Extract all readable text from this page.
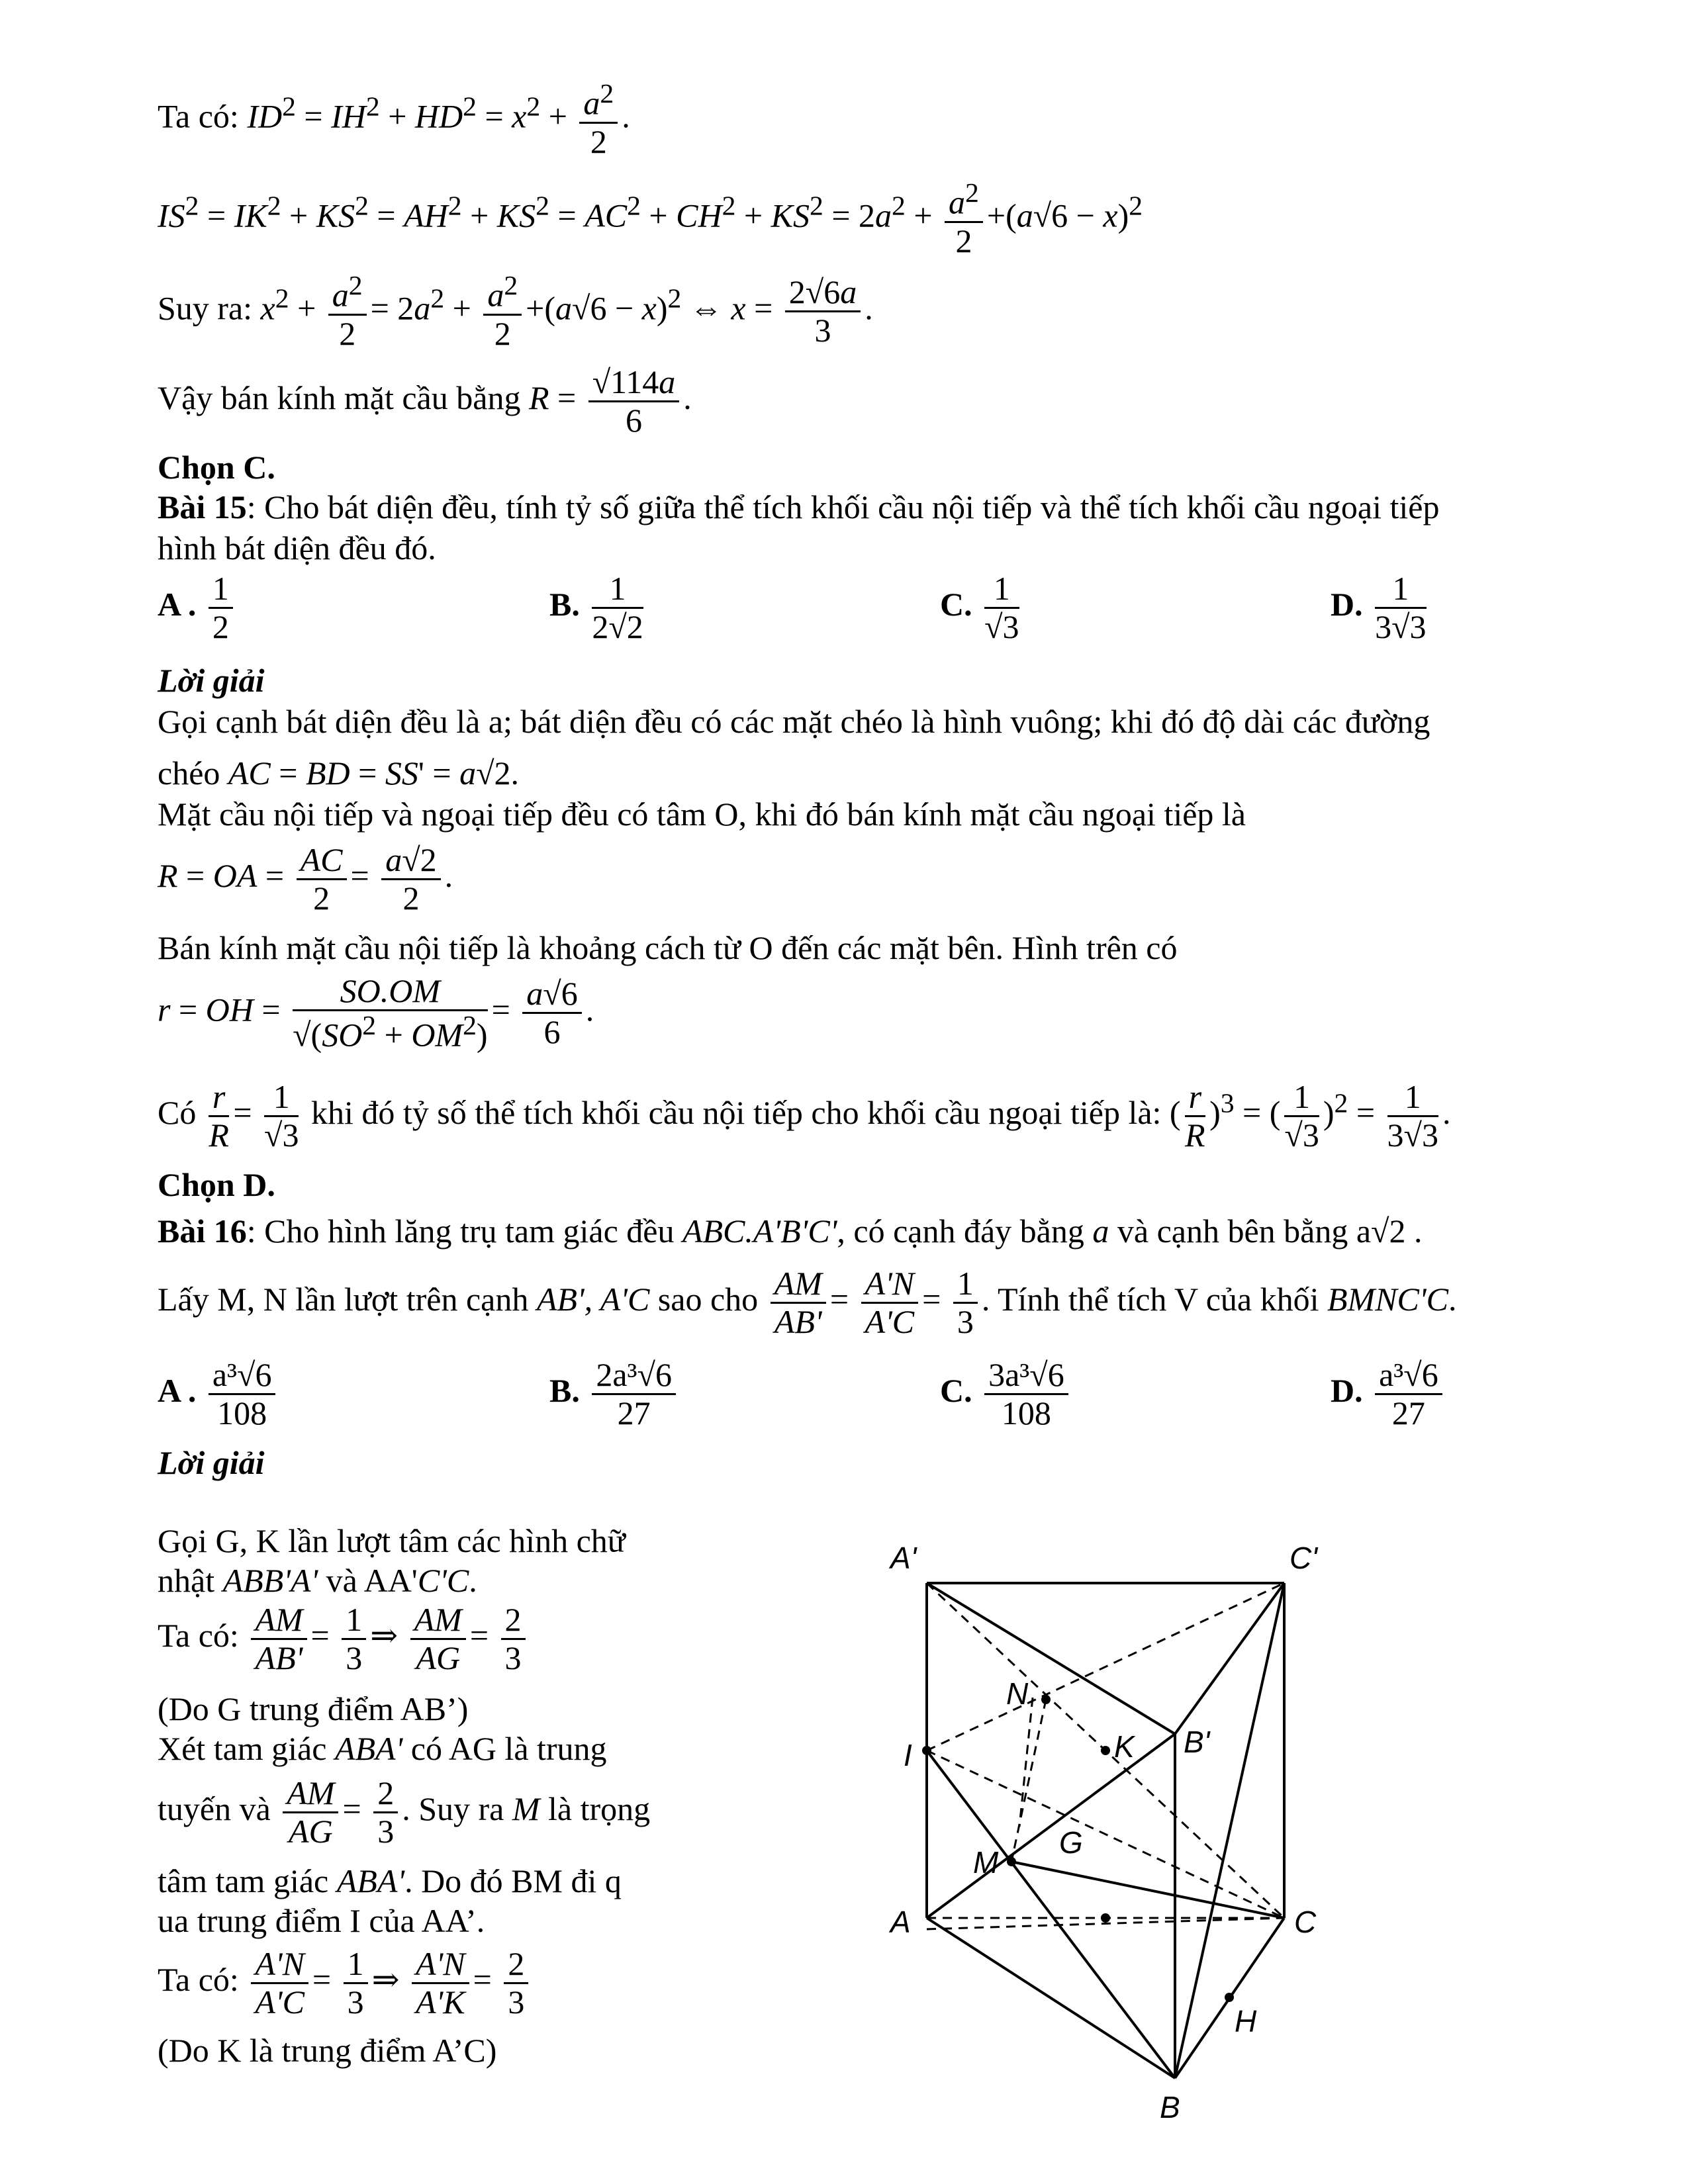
Ta có: $ID^2 = IH^2 + HD^2 = x^2 + \frac{a^2}{2}$ .
$IS^2 = IK^2 + KS^2 = AH^2 + KS^2 = AC^2 + CH^2 + KS^2 = 2a^2 + \frac{a^2}{2} +(a√6 - x)^2$
Suy ra: $x^2 + \frac{a^2}{2} = 2a^2 + \frac{a^2}{2} +(a√6 - x)^2$ ⇔ $x = \frac{2√6a}{3}$ .
Vậy bán kính mặt cầu bằng $R = \frac{√114a}{6}$ .
Chọn C.
Bài 15: Cho bát diện đều, tính tỷ số giữa thể tích khối cầu nội tiếp và thể tích khối cầu ngoại tiếp
hình bát diện đều đó.
A . $\frac{1}{2}$	B. $\frac{1}{2√2}$	C. $\frac{1}{√3}$	D. $\frac{1}{3√3}$
Lời giải
Gọi cạnh bát diện đều là a; bát diện đều có các mặt chéo là hình vuông; khi đó độ dài các đường
chéo AC = BD = SS' = a√2.
Mặt cầu nội tiếp và ngoại tiếp đều có tâm O, khi đó bán kính mặt cầu ngoại tiếp là
R = OA = $\frac{AC}{2} = \frac{a√2}{2}$ .
Bán kính mặt cầu nội tiếp là khoảng cách từ O đến các mặt bên. Hình trên có
r = OH = $\frac{SO.OM}{√(SO^2 + OM^2)} = \frac{a√6}{6}$ .
Có $\frac{r}{R} = \frac{1}{√3}$ khi đó tỷ số thể tích khối cầu nội tiếp cho khối cầu ngoại tiếp là: ( $\frac{r}{R} )^3$ = ( $\frac{1}{√3} )^2 = \frac{1}{3√3}$ .
Chọn D.
Bài 16: Cho hình lăng trụ tam giác đều ABC.A'B'C', có cạnh đáy bằng a và cạnh bên bằng a√2 .
Lấy M, N lần lượt trên cạnh AB', A'C sao cho $\frac{AM}{AB'} = \frac{A'N}{A'C} = \frac{1}{3}$ . Tính thể tích V của khối BMNC'C.
A . $\frac{\text{a³√6}}{108}$	B. $\frac{\text{2a³√6}}{27}$	C. $\frac{\text{3a³√6}}{108}$	D. $\frac{\text{a³√6}}{27}$
Lời giải
Gọi G, K lần lượt tâm các hình chữ
nhật ABB'A' và AA'C'C.
Ta có: $\frac{AM}{AB'} = \frac{1}{3}$ ⇒ $\frac{AM}{AG} = \frac{2}{3}$
(Do G trung điểm AB’)
Xét tam giác ABA' có AG là trung
tuyến và $\frac{AM}{AG} = \frac{2}{3}$ . Suy ra M là trọng
tâm tam giác ABA'. Do đó BM đi q
ua trung điểm I của AA’.
Ta có: $\frac{A'N}{A'C} = \frac{1}{3}$ ⇒ $\frac{A'N}{A'K} = \frac{2}{3}$
(Do K là trung điểm A’C)
A'	C'
N
K B'
I
G
M
A	C
H
B
